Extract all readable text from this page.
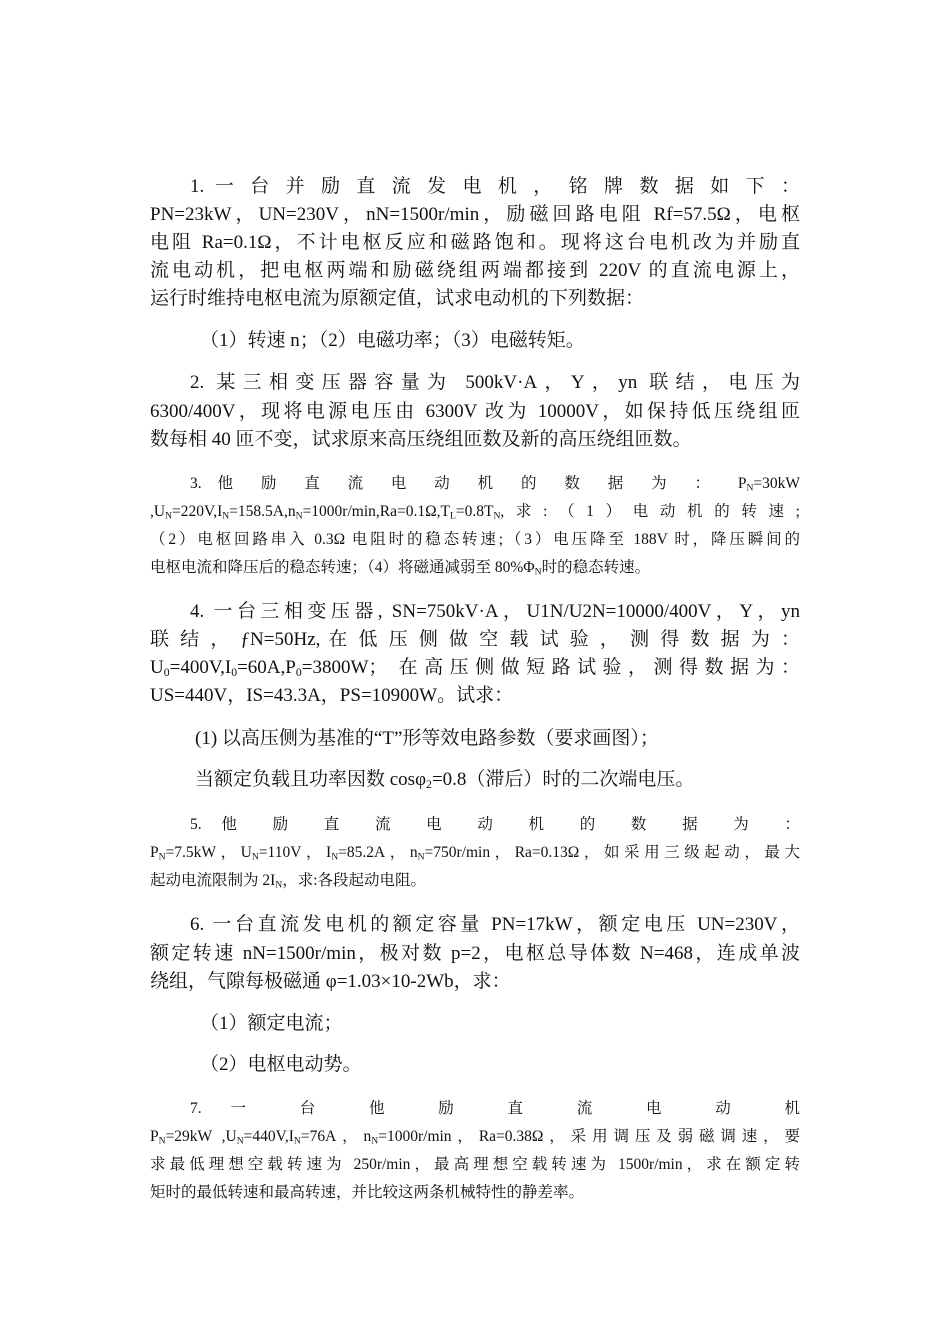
1. 一 台 并 励 直 流 发 电 机 ， 铭 牌 数 据 如 下 ：
PN=23kW，UN=230V，nN=1500r/min，励磁回路电阻 Rf=57.5Ω，电枢
电阻 Ra=0.1Ω，不计电枢反应和磁路饱和。现将这台电机改为并励直
流电动机，把电枢两端和励磁绕组两端都接到 220V 的直流电源上，
运行时维持电枢电流为原额定值，试求电动机的下列数据：
（1）转速 n；（2）电磁功率；（3）电磁转矩。
2. 某三相变压器容量为 500kV·A，Y，yn 联结，电压为
6300/400V，现将电源电压由 6300V 改为 10000V，如保持低压绕组匝
数每相 40 匝不变，试求原来高压绕组匝数及新的高压绕组匝数。
3. 他 励 直 流 电 动 机 的 数 据 为 ： $P_N=30kW$
$,U_N=220V,I_N=158.5A,n_N=1000r/\min,Ra=0.1\Omega,T_L=0.8T_N$,求:（1）电动机的转速;
（2）电枢回路串入 0.3Ω 电阻时的稳态转速;（3）电压降至 188V 时，降压瞬间的
电枢电流和降压后的稳态转速；（4）将磁通减弱至 $80\%\Phi_N$时的稳态转速。
4. 一台三相变压器, SN=750kV·A，U1N/U2N=10000/400V，Y，yn
联 结 ， ƒN=50Hz, 在 低 压 侧 做 空 载 试 验 ， 测 得 数 据 为 ：
$U_0=400V,I_0=60A,P_0=3800W$； 在高压侧做短路试验，测得数据为：
US=440V，IS=43.3A，PS=10900W。试求：
(1) 以高压侧为基准的“T”形等效电路参数（要求画图）；
当额定负载且功率因数 cosφ$_2$=0.8（滞后）时的二次端电压。
5. 他 励 直 流 电 动 机 的 数 据 为 ：
$P_N=7.5kW$，$U_N=110V$，$I_N=85.2A$，$n_N=750r/\min$，Ra=0.13Ω，如采用三级起动，最大
起动电流限制为 $2I_N$，求:各段起动电阻。
6. 一台直流发电机的额定容量 PN=17kW，额定电压 UN=230V，
额定转速 nN=1500r/min，极对数 p=2，电枢总导体数 N=468，连成单波
绕组，气隙每极磁通 φ=1.03×10-2Wb，求：
（1）额定电流；
（2）电枢电动势。
7. 一 台 他 励 直 流 电 动 机
$P_N=29kW$ $,U_N=440V,I_N=76A$，$n_N=1000r/\min$，Ra=0.38Ω，采用调压及弱磁调速，要
求最低理想空载转速为 250r/min，最高理想空载转速为 1500r/min，求在额定转
矩时的最低转速和最高转速，并比较这两条机械特性的静差率。
